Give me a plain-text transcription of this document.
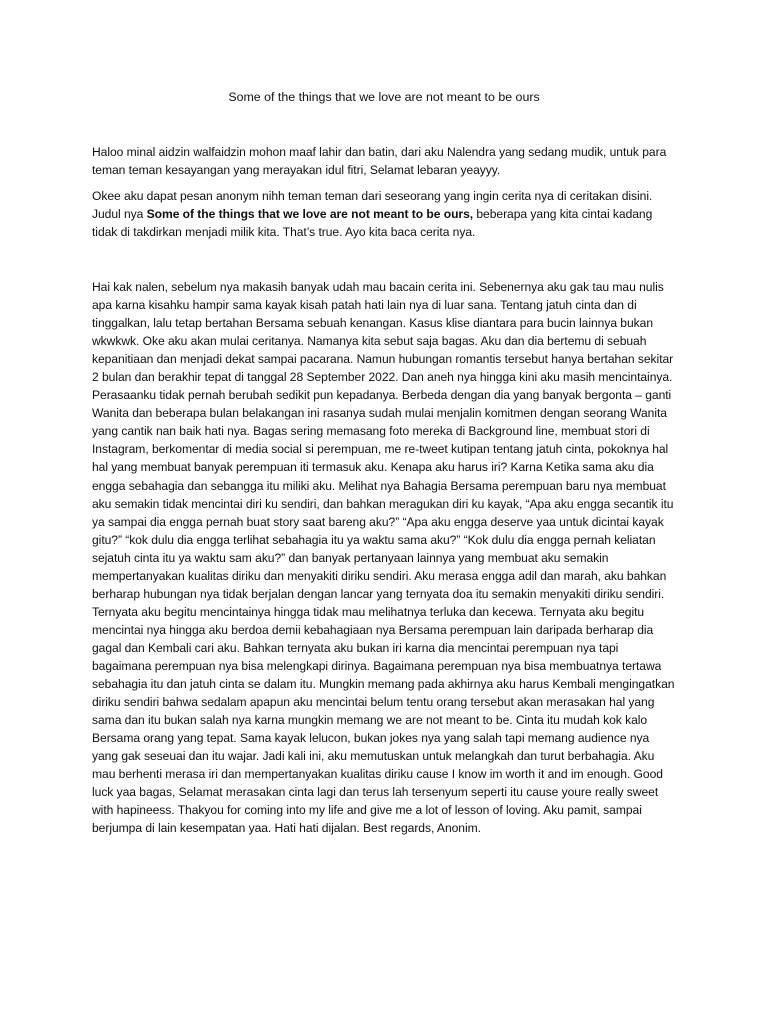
Some of the things that we love are not meant to be ours

Haloo minal aidzin walfaidzin mohon maaf lahir dan batin, dari aku Nalendra yang sedang mudik, untuk para teman teman kesayangan yang merayakan idul fitri, Selamat lebaran yeayyy.

Okee aku dapat pesan anonym nihh teman teman dari seseorang yang ingin cerita nya di ceritakan disini. Judul nya Some of the things that we love are not meant to be ours, beberapa yang kita cintai kadang tidak di takdirkan menjadi milik kita. That’s true. Ayo kita baca cerita nya.

Hai kak nalen, sebelum nya makasih banyak udah mau bacain cerita ini. Sebenernya aku gak tau mau nulis apa karna kisahku hampir sama kayak kisah patah hati lain nya di luar sana. Tentang jatuh cinta dan di tinggalkan, lalu tetap bertahan Bersama sebuah kenangan. Kasus klise diantara para bucin lainnya bukan wkwkwk. Oke aku akan mulai ceritanya. Namanya kita sebut saja bagas. Aku dan dia bertemu di sebuah kepanitiaan dan menjadi dekat sampai pacarana. Namun hubungan romantis tersebut hanya bertahan sekitar 2 bulan dan berakhir tepat di tanggal 28 September 2022. Dan aneh nya hingga kini aku masih mencintainya. Perasaanku tidak pernah berubah sedikit pun kepadanya. Berbeda dengan dia yang banyak bergonta – ganti Wanita dan beberapa bulan belakangan ini rasanya sudah mulai menjalin komitmen dengan seorang Wanita yang cantik nan baik hati nya. Bagas sering memasang foto mereka di Background line, membuat stori di Instagram, berkomentar di media social si perempuan, me re-tweet kutipan tentang jatuh cinta, pokoknya hal hal yang membuat banyak perempuan iti termasuk aku. Kenapa aku harus iri? Karna Ketika sama aku dia engga sebahagia dan sebangga itu miliki aku. Melihat nya Bahagia Bersama perempuan baru nya membuat aku semakin tidak mencintai diri ku sendiri, dan bahkan meragukan diri ku kayak, “Apa aku engga secantik itu ya sampai dia engga pernah buat story saat bareng aku?” “Apa aku engga deserve yaa untuk dicintai kayak gitu?” “kok dulu dia engga terlihat sebahagia itu ya waktu sama aku?” “Kok dulu dia engga pernah keliatan sejatuh cinta itu ya waktu sam aku?” dan banyak pertanyaan lainnya yang membuat aku semakin mempertanyakan kualitas diriku dan menyakiti diriku sendiri. Aku merasa engga adil dan marah, aku bahkan berharap hubungan nya tidak berjalan dengan lancar yang ternyata doa itu semakin menyakiti diriku sendiri. Ternyata aku begitu mencintainya hingga tidak mau melihatnya terluka dan kecewa. Ternyata aku begitu mencintai nya hingga aku berdoa demii kebahagiaan nya Bersama perempuan lain daripada berharap dia gagal dan Kembali cari aku. Bahkan ternyata aku bukan iri karna dia mencintai perempuan nya tapi bagaimana perempuan nya bisa melengkapi dirinya. Bagaimana perempuan nya bisa membuatnya tertawa sebahagia itu dan jatuh cinta se dalam itu. Mungkin memang pada akhirnya aku harus Kembali mengingatkan diriku sendiri bahwa sedalam apapun aku mencintai belum tentu orang tersebut akan merasakan hal yang sama dan itu bukan salah nya karna mungkin memang we are not meant to be. Cinta itu mudah kok kalo Bersama orang yang tepat. Sama kayak lelucon, bukan jokes nya yang salah tapi memang audience nya yang gak seseuai dan itu wajar. Jadi kali ini, aku memutuskan untuk melangkah dan turut berbahagia. Aku mau berhenti merasa iri dan mempertanyakan kualitas diriku cause I know im worth it and im enough. Good luck yaa bagas, Selamat merasakan cinta lagi dan terus lah tersenyum seperti itu cause youre really sweet with hapineess. Thakyou for coming into my life and give me a lot of lesson of loving. Aku pamit, sampai berjumpa di lain kesempatan yaa. Hati hati dijalan. Best regards, Anonim.
